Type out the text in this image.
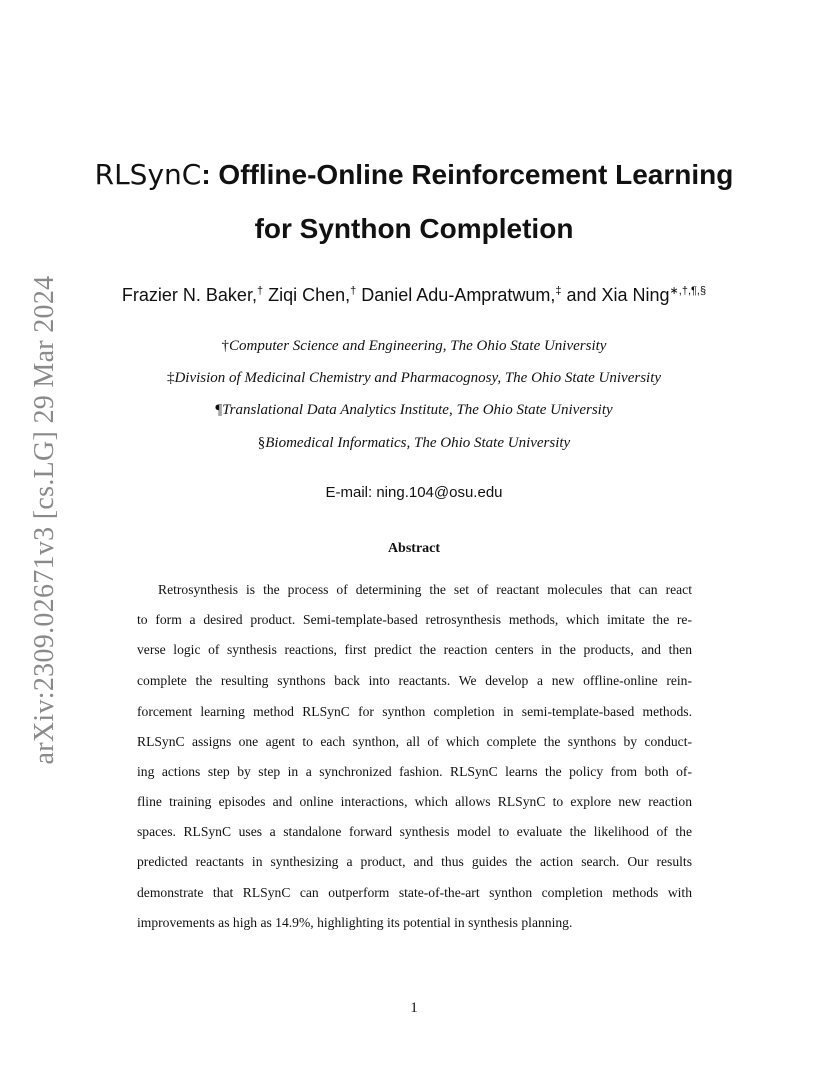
arXiv:2309.02671v3 [cs.LG] 29 Mar 2024
RLSynC: Offline-Online Reinforcement Learning
for Synthon Completion
Frazier N. Baker,† Ziqi Chen,† Daniel Adu-Ampratwum,‡ and Xia Ning∗,†,¶,§
†Computer Science and Engineering, The Ohio State University
‡Division of Medicinal Chemistry and Pharmacognosy, The Ohio State University
¶Translational Data Analytics Institute, The Ohio State University
§Biomedical Informatics, The Ohio State University
E-mail: ning.104@osu.edu
Abstract
Retrosynthesis is the process of determining the set of reactant molecules that can react
to form a desired product. Semi-template-based retrosynthesis methods, which imitate the re-
verse logic of synthesis reactions, first predict the reaction centers in the products, and then
complete the resulting synthons back into reactants. We develop a new offline-online rein-
forcement learning method RLSynC for synthon completion in semi-template-based methods.
RLSynC assigns one agent to each synthon, all of which complete the synthons by conduct-
ing actions step by step in a synchronized fashion. RLSynC learns the policy from both of-
fline training episodes and online interactions, which allows RLSynC to explore new reaction
spaces. RLSynC uses a standalone forward synthesis model to evaluate the likelihood of the
predicted reactants in synthesizing a product, and thus guides the action search. Our results
demonstrate that RLSynC can outperform state-of-the-art synthon completion methods with
improvements as high as 14.9%, highlighting its potential in synthesis planning.
1
